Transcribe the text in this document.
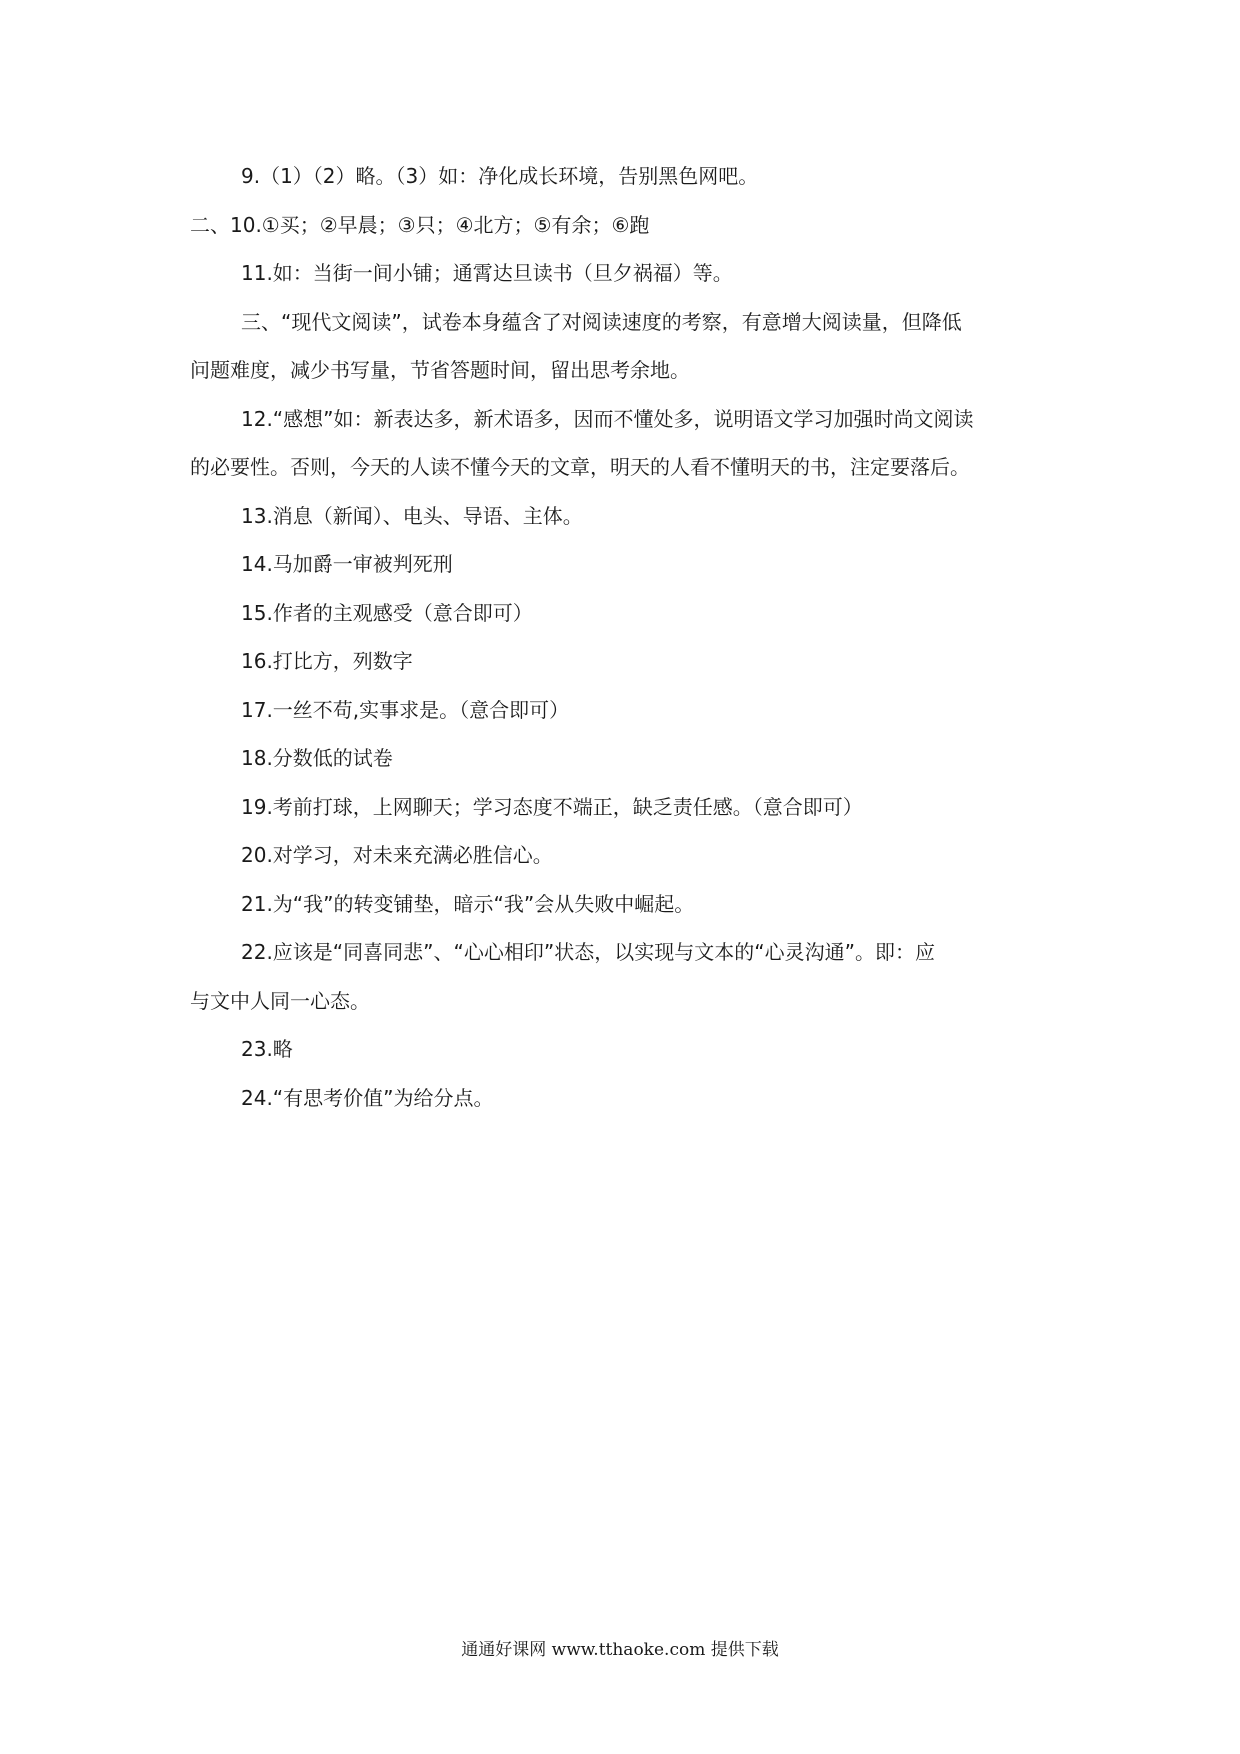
9.（1）（2）略。（3）如：净化成长环境，告别黑色网吧。

二、10.①买；②早晨；③只；④北方；⑤有余；⑥跑

11.如：当街一间小铺；通霄达旦读书（旦夕祸福）等。

三、“现代文阅读”，试卷本身蕴含了对阅读速度的考察，有意增大阅读量，但降低

问题难度，减少书写量，节省答题时间，留出思考余地。

12.“感想”如：新表达多，新术语多，因而不懂处多，说明语文学习加强时尚文阅读

的必要性。否则，今天的人读不懂今天的文章，明天的人看不懂明天的书，注定要落后。

13.消息（新闻）、电头、导语、主体。

14.马加爵一审被判死刑

15.作者的主观感受（意合即可）

16.打比方，列数字

17.一丝不苟,实事求是。（意合即可）

18.分数低的试卷

19.考前打球，上网聊天；学习态度不端正，缺乏责任感。（意合即可）

20.对学习，对未来充满必胜信心。

21.为“我”的转变铺垫，暗示“我”会从失败中崛起。

22.应该是“同喜同悲”、“心心相印”状态，以实现与文本的“心灵沟通”。即：应

与文中人同一心态。

23.略

24.“有思考价值”为给分点。

通通好课网 www.tthaoke.com 提供下载
